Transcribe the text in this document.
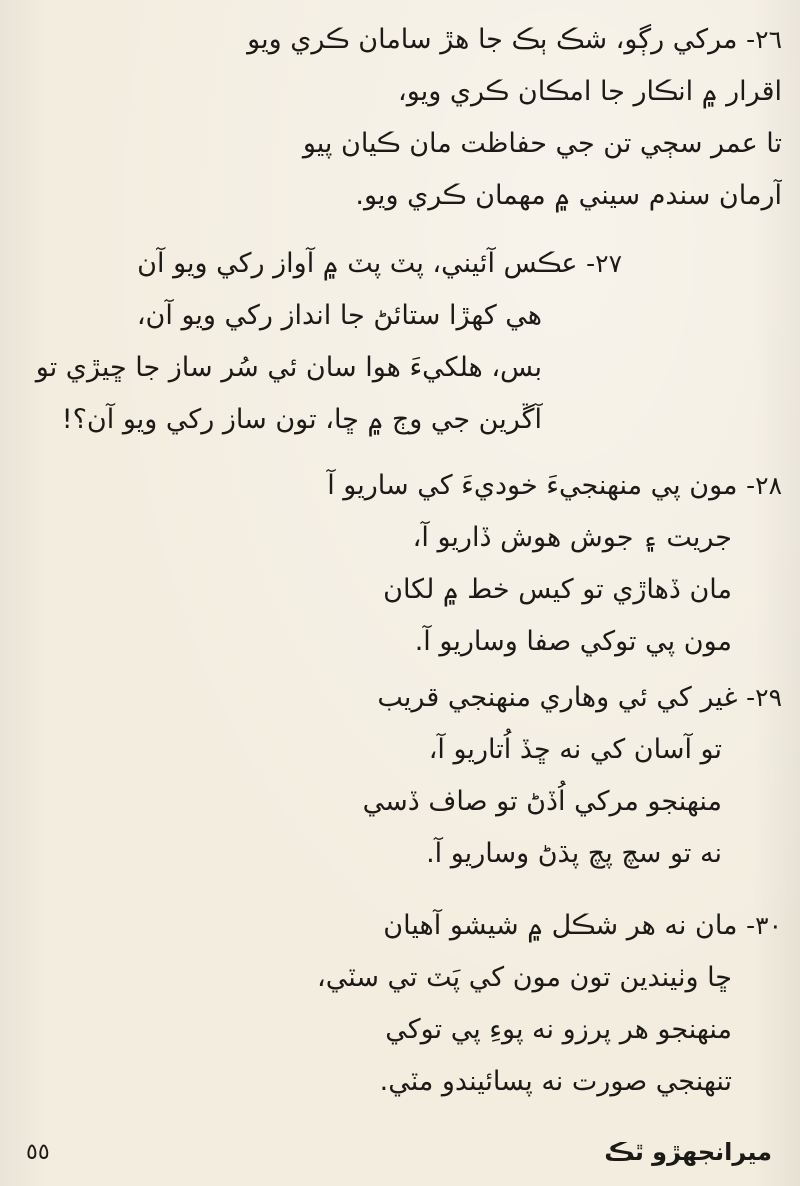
٢٦- مرکي رڳو، شڪ ٻڪ جا هڙ سامان ڪري ويو
اقرار ۾ انڪار جا امڪان ڪري ويو،
تا عمر سڄي تن جي حفاظت مان ڪيان پيو
آرمان سندم سيني ۾ مهمان ڪري ويو.
٢٧- عڪس آئيني، پٽ پٽ ۾ آواز رکي ويو آن
هي کهڙا ستائڻ جا انداز رکي ويو آن،
بس، هلکيءَ هوا سان ئي سُر ساز جا ڇيڙي تو
آڱرين جي وڄ ۾ ڇا، تون ساز رکي ويو آن؟!
٢٨- مون پي منهنجيءَ خوديءَ کي ساريو آ
جريت ۽ جوش هوش ڏاريو آ،
مان ڏهاڙي تو کيس خط ۾ لکان
مون پي توکي صفا وساريو آ.
٢٩- غير کي ئي وهاري منهنجي قريب
تو آسان کي نه ڇڏ اُتاريو آ،
منهنجو مرکي اُڏڻ تو صاف ڏسي
نه تو سچ پچ پڌڻ وساريو آ.
٣٠- مان نه هر شڪل ۾ شيشو آهيان
ڇا وٺيندين تون مون کي پَٽ تي سٽي،
منهنجو هر پرزو نه پوءِ پي توکي
تنهنجي صورت نه پسائيندو مٽي.
ميرانجهڙو ٿڪ
٥٥
